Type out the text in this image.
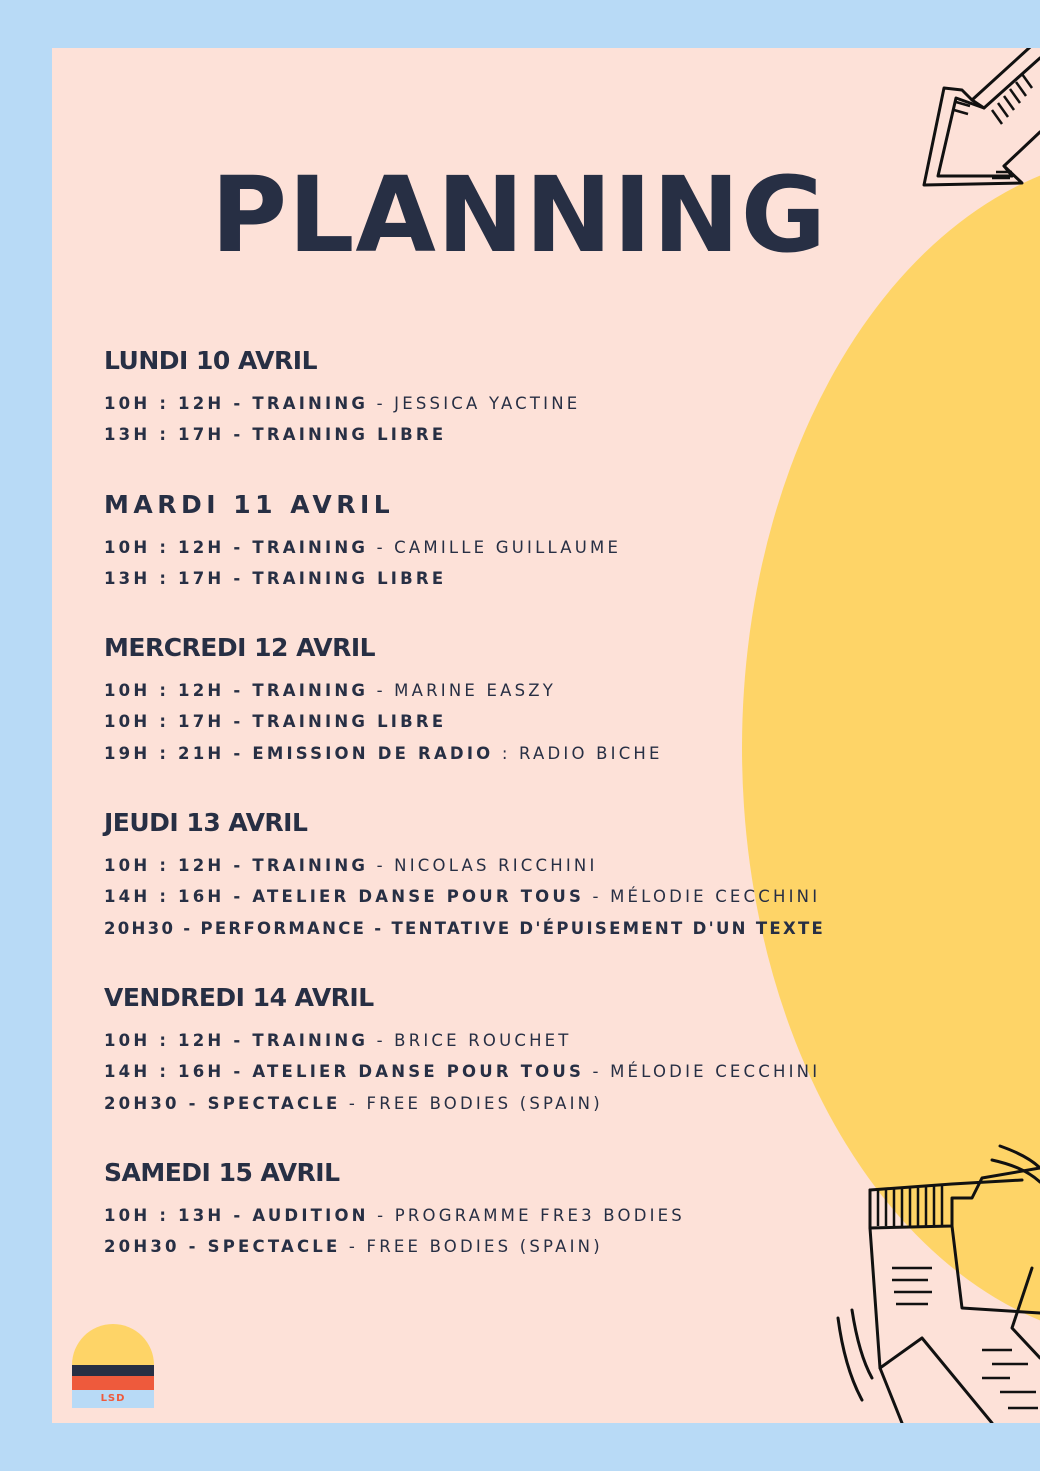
PLANNING
LUNDI 10 AVRIL
10H : 12H - TRAINING - JESSICA YACTINE
13H : 17H - TRAINING LIBRE
MARDI 11 AVRIL
10H : 12H - TRAINING - CAMILLE GUILLAUME
13H : 17H - TRAINING LIBRE
MERCREDI 12 AVRIL
10H : 12H - TRAINING - MARINE EASZY
10H : 17H - TRAINING LIBRE
19H : 21H - EMISSION DE RADIO : RADIO BICHE
JEUDI 13 AVRIL
10H : 12H - TRAINING - NICOLAS RICCHINI
14H : 16H - ATELIER DANSE POUR TOUS - MÉLODIE CECCHINI
20H30 - PERFORMANCE - TENTATIVE D'ÉPUISEMENT D'UN TEXTE
VENDREDI 14 AVRIL
10H : 12H - TRAINING - BRICE ROUCHET
14H : 16H - ATELIER DANSE POUR TOUS - MÉLODIE CECCHINI
20H30 - SPECTACLE - FREE BODIES (SPAIN)
SAMEDI 15 AVRIL
10H : 13H - AUDITION - PROGRAMME FRE3 BODIES
20H30 - SPECTACLE - FREE BODIES (SPAIN)
LSD
